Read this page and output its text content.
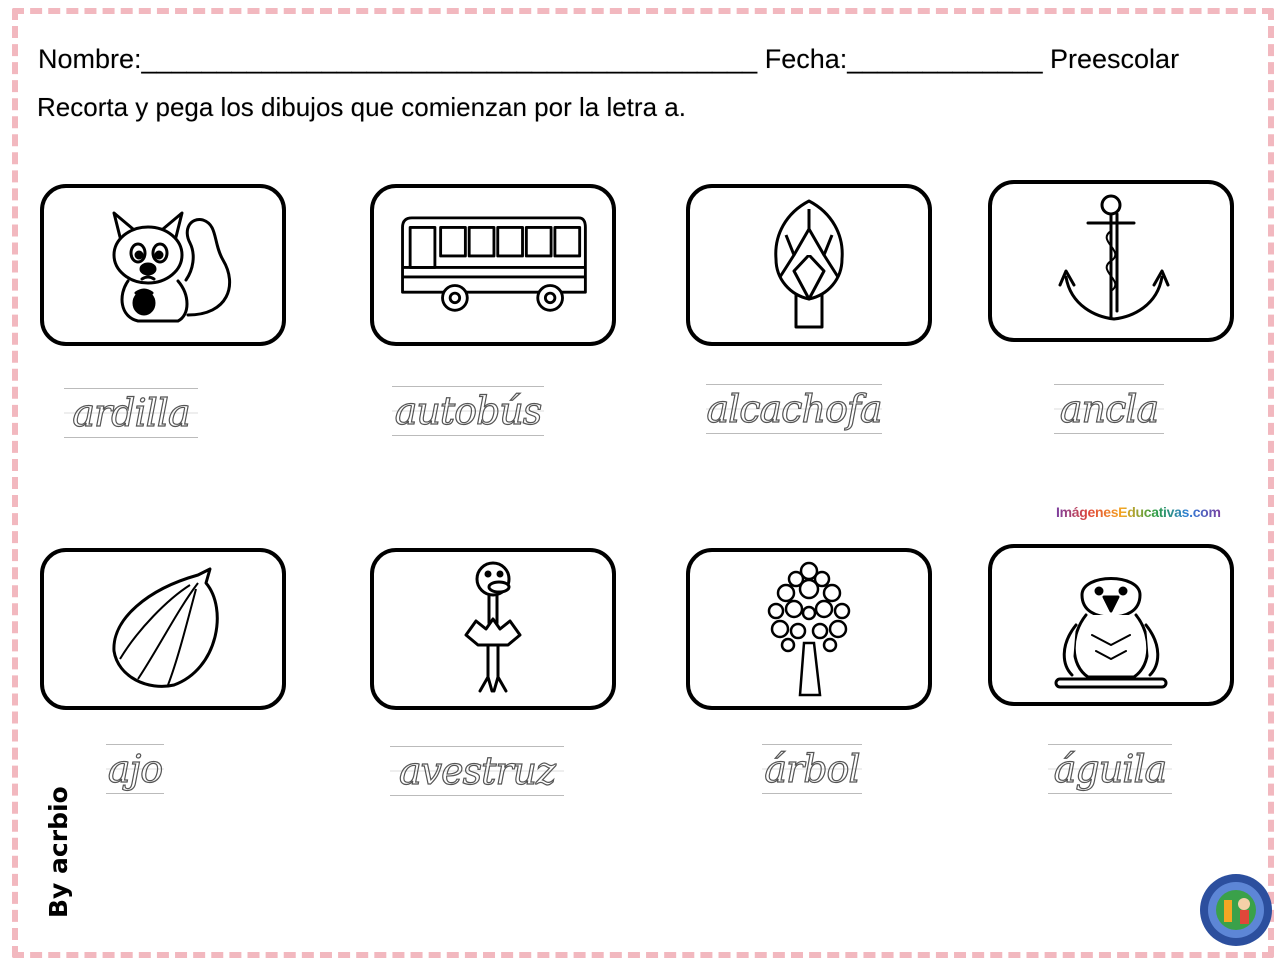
Nombre:_________________________________________ Fecha:_____________ Preescolar
Recorta y pega los dibujos que comienzan por la letra a.
ardilla	autobús	alcachofa	ancla
ajo	avestruz	árbol	águila
ImágenesEducativas.com
By acrbio
